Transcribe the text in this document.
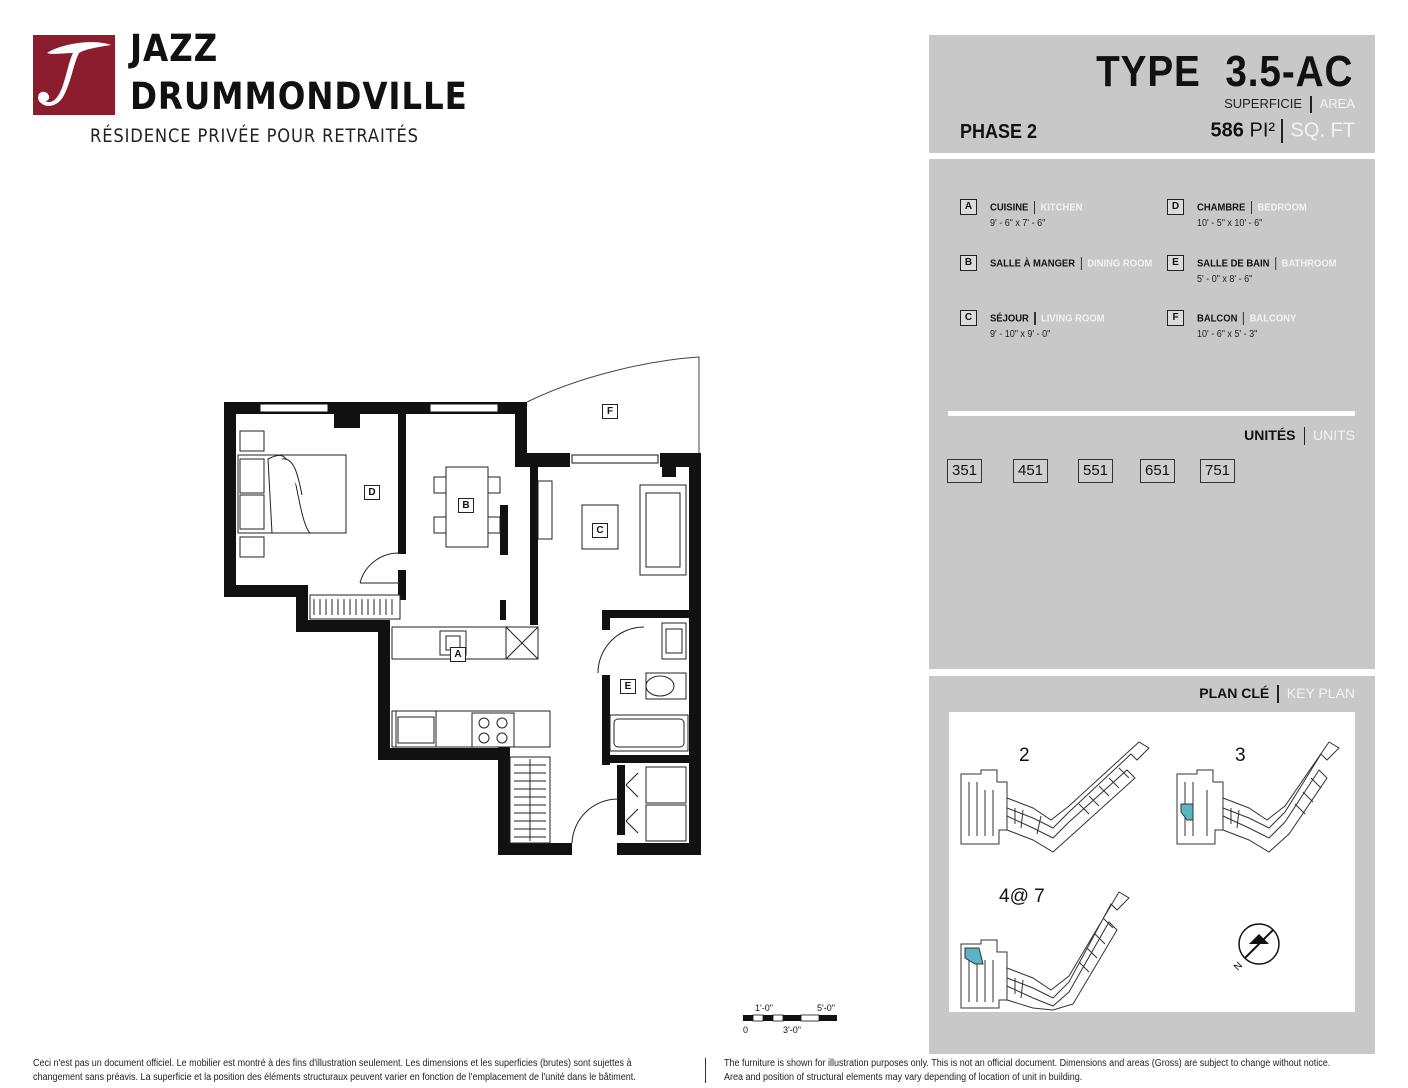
JAZZ
DRUMMONDVILLE
RÉSIDENCE PRIVÉE POUR RETRAITÉS
A
B
C
D
E
F
TYPE 3.5-AC
SUPERFICIE AREA
PHASE 2	586 PI² SQ. FT
A	CUISINE KITCHEN
9' - 6" x 7' - 6"
B	SALLE À MANGER DINING ROOM
C	SÉJOUR LIVING ROOM
9' - 10" x 9' - 0"
D	CHAMBRE BEDROOM
10' - 5" x 10' - 6"
E	SALLE DE BAIN BATHROOM
5' - 0" x 8' - 6"
F	BALCON BALCONY
10' - 6" x 5' - 3"
UNITÉS UNITS
351	451	551	651	751
PLAN CLÉ KEY PLAN
2	3
4@ 7
N
1'-0"	5'-0"
0	3'-0"
Ceci n'est pas un document officiel. Le mobilier est montré à des fins d'illustration seulement. Les dimensions et les superficies (brutes) sont sujettes à
changement sans préavis. La superficie et la position des éléments structuraux peuvent varier en fonction de l'emplacement de l'unité dans le bâtiment.
The furniture is shown for illustration purposes only. This is not an official document. Dimensions and areas (Gross) are subject to change without notice.
Area and position of structural elements may vary depending of location of unit in building.
